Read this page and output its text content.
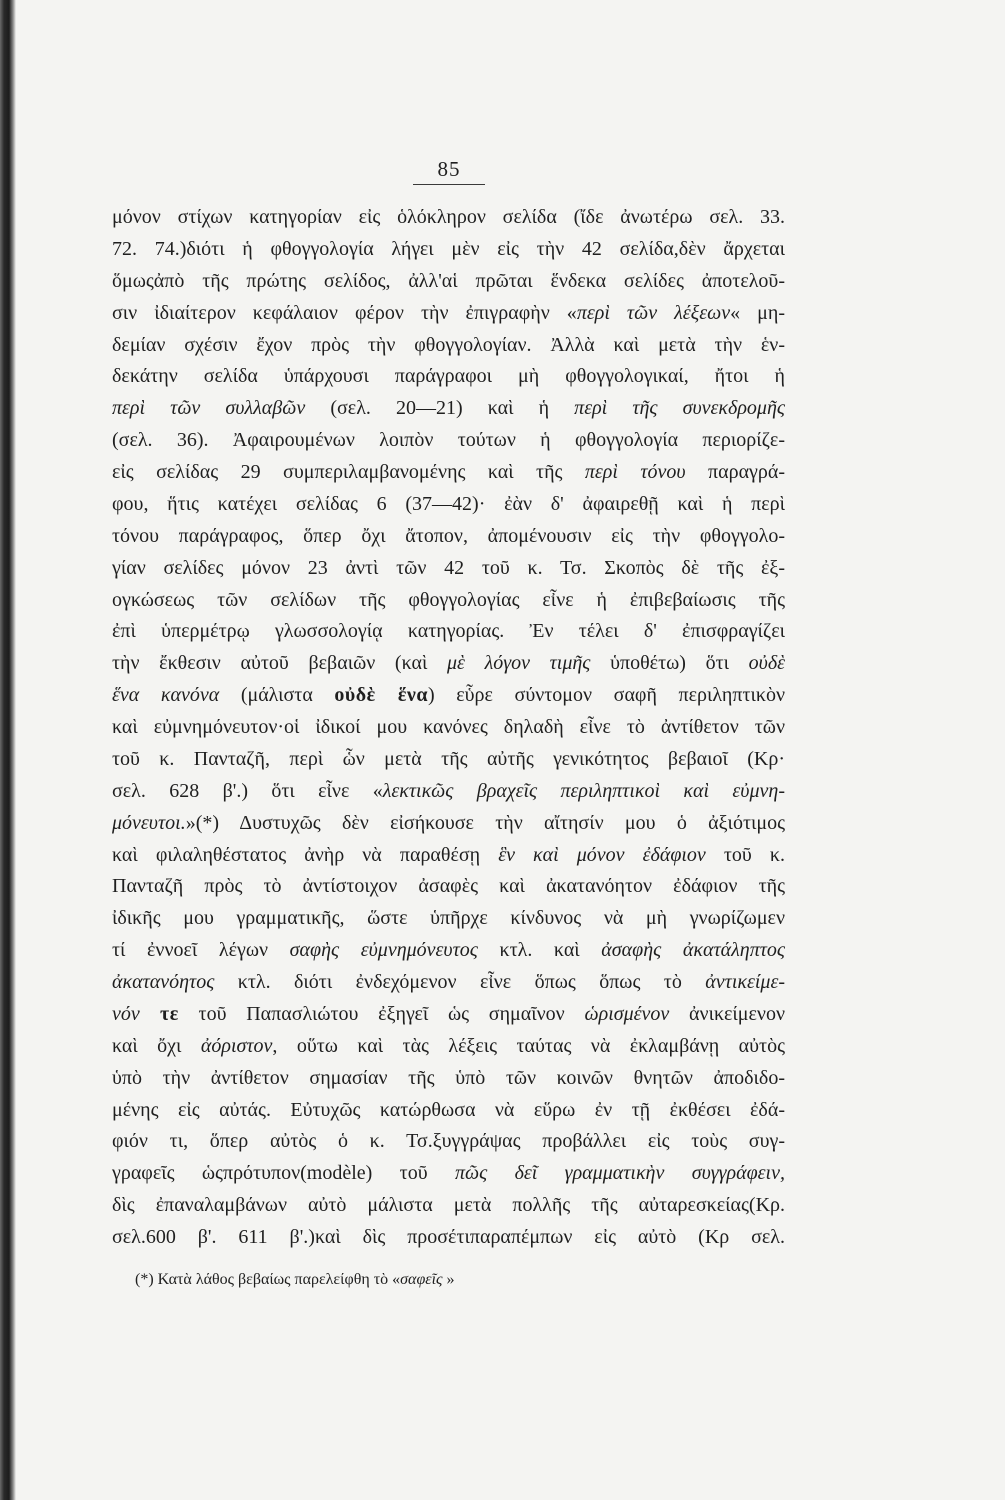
85
μόνον στίχων κατηγορίαν εἰς ὁλόκληρον σελίδα (ἴδε ἀνωτέρω σελ. 33.
72. 74.)διότι ἡ φθογγολογία λήγει μὲν εἰς τὴν 42 σελίδα,δὲν ἄρχεται
ὅμωςἀπὸ τῆς πρώτης σελίδος, ἀλλ'αἱ πρῶται ἕνδεκα σελίδες ἀποτελοῦ-
σιν ἰδιαίτερον κεφάλαιον φέρον τὴν ἐπιγραφὴν «περὶ τῶν λέξεων« μη-
δεμίαν σχέσιν ἔχον πρὸς τὴν φθογγολογίαν. Ἀλλὰ καὶ μετὰ τὴν ἑν-
δεκάτην σελίδα ὑπάρχουσι παράγραφοι μὴ φθογγολογικαί, ἤτοι ἡ
περὶ τῶν συλλαβῶν (σελ. 20—21) καὶ ἡ περὶ τῆς συνεκδρομῆς
(σελ. 36). Ἀφαιρουμένων λοιπὸν τούτων ἡ φθογγολογία περιορίζε-
εἰς σελίδας 29 συμπεριλαμβανομένης καὶ τῆς περὶ τόνου παραγρά-
φου, ἥτις κατέχει σελίδας 6 (37—42)· ἐὰν δ' ἀφαιρεθῇ καὶ ἡ περὶ
τόνου παράγραφος, ὅπερ ὄχι ἄτοπον, ἀπομένουσιν εἰς τὴν φθογγολο-
γίαν σελίδες μόνον 23 ἀντὶ τῶν 42 τοῦ κ. Τσ. Σκοπὸς δὲ τῆς ἐξ-
ογκώσεως τῶν σελίδων τῆς φθογγολογίας εἶνε ἡ ἐπιβεβαίωσις τῆς
ἐπὶ ὑπερμέτρῳ γλωσσολογίᾳ κατηγορίας. Ἐν τέλει δ' ἐπισφραγίζει
τὴν ἔκθεσιν αὐτοῦ βεβαιῶν (καὶ μὲ λόγον τιμῆς ὑποθέτω) ὅτι οὐδὲ
ἕνα κανόνα (μάλιστα οὐδὲ ἕνα) εὗρε σύντομον σαφῆ περιληπτικὸν
καὶ εὐμνημόνευτον·οἱ ἰδικοί μου κανόνες δηλαδὴ εἶνε τὸ ἀντίθετον τῶν
τοῦ κ. Πανταζῆ, περὶ ὧν μετὰ τῆς αὐτῆς γενικότητος βεβαιοῖ (Κρ·
σελ. 628 β'.) ὅτι εἶνε «λεκτικῶς βραχεῖς περιληπτικοὶ καὶ εὐμνη-
μόνευτοι.»(*) Δυστυχῶς δὲν εἰσήκουσε τὴν αἴτησίν μου ὁ ἀξιότιμος
καὶ φιλαληθέστατος ἀνὴρ νὰ παραθέσῃ ἓν καὶ μόνον ἐδάφιον τοῦ κ.
Πανταζῆ πρὸς τὸ ἀντίστοιχον ἀσαφὲς καὶ ἀκατανόητον ἐδάφιον τῆς
ἰδικῆς μου γραμματικῆς, ὥστε ὑπῆρχε κίνδυνος νὰ μὴ γνωρίζωμεν
τί ἐννοεῖ λέγων σαφὴς εὐμνημόνευτος κτλ. καὶ ἀσαφὴς ἀκατάληπτος
ἀκατανόητος κτλ. διότι ἐνδεχόμενον εἶνε ὅπως ὅπως τὸ ἀντικείμε-
νόν τε τοῦ Παπασλιώτου ἐξηγεῖ ὡς σημαῖνον ὡρισμένον ἀνικείμενον
καὶ ὄχι ἀόριστον, οὕτω καὶ τὰς λέξεις ταύτας νὰ ἐκλαμβάνῃ αὐτὸς
ὑπὸ τὴν ἀντίθετον σημασίαν τῆς ὑπὸ τῶν κοινῶν θνητῶν ἀποδιδο-
μένης εἰς αὐτάς. Εὐτυχῶς κατώρθωσα νὰ εὕρω ἐν τῇ ἐκθέσει ἐδά-
φιόν τι, ὅπερ αὐτὸς ὁ κ. Τσ.ξυγγράψας προβάλλει εἰς τοὺς συγ-
γραφεῖς ὡςπρότυπον(modèle) τοῦ πῶς δεῖ γραμματικὴν συγγράφειν,
δὶς ἐπαναλαμβάνων αὐτὸ μάλιστα μετὰ πολλῆς τῆς αὐταρεσκείας(Κρ.
σελ.600 β'. 611 β'.)καὶ δὶς προσέτιπαραπέμπων εἰς αὐτὸ (Κρ σελ.
(*) Κατὰ λάθος βεβαίως παρελείφθη τὸ «σαφεῖς »
